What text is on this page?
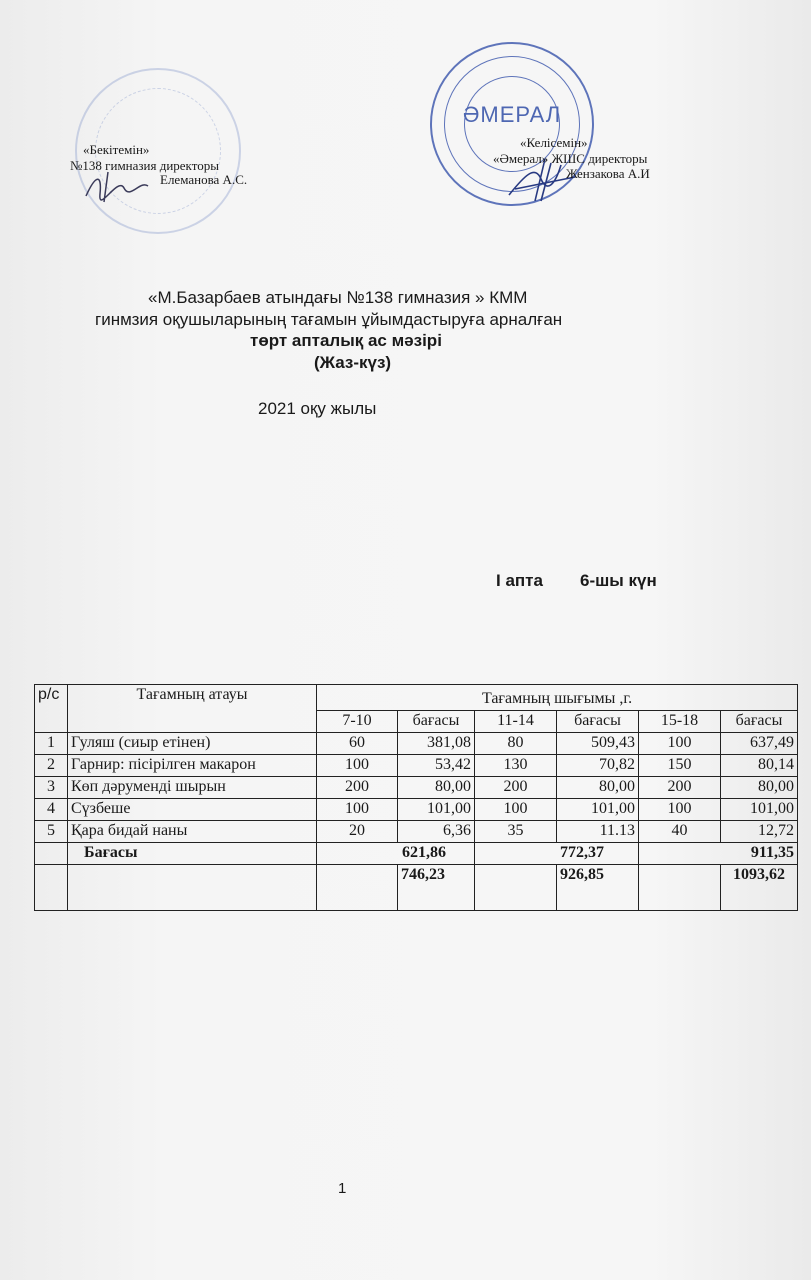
«Бекітемін»
№138 гимназия директоры
Елеманова А.С.
ӘМЕРАЛ
«Келісемін»
«Әмерал» ЖШС директоры
Жензакова А.И
«М.Базарбаев атындағы №138 гимназия » КММ
гинмзия оқушыларының тағамын ұйымдастыруға арналған
төрт апталық ас мәзірі
(Жаз-күз)
2021 оқу жылы
I апта 6-шы күн
р/с	Тағамның атауы	Тағамның шығымы ,г.					
		7-10	бағасы	11-14	бағасы	15-18	бағасы
1	Гуляш (сиыр етінен)	60	381,08	80	509,43	100	637,49
2	Гарнир: пісірілген макарон	100	53,42	130	70,82	150	80,14
3	Көп дәруменді шырын	200	80,00	200	80,00	200	80,00
4	Сүзбеше	100	101,00	100	101,00	100	101,00
5	Қара бидай наны	20	6,36	35	11.13	40	12,72
	Бағасы	621,86		772,37		911,35	
			746,23		926,85		1093,62
1
